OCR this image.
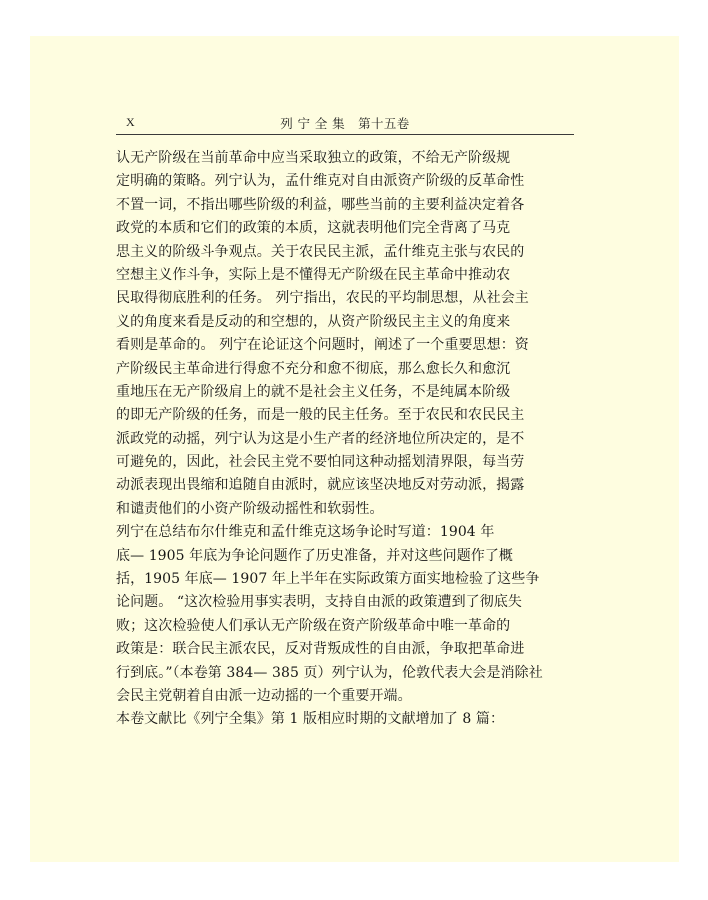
X	列 宁 全 集   第十五卷
认无产阶级在当前革命中应当采取独立的政策，不给无产阶级规
定明确的策略。列宁认为，孟什维克对自由派资产阶级的反革命性
不置一词，不指出哪些阶级的利益，哪些当前的主要利益决定着各
政党的本质和它们的政策的本质，这就表明他们完全背离了马克
思主义的阶级斗争观点。关于农民民主派，孟什维克主张与农民的
空想主义作斗争，实际上是不懂得无产阶级在民主革命中推动农
民取得彻底胜利的任务。 列宁指出，农民的平均制思想，从社会主
义的角度来看是反动的和空想的，从资产阶级民主主义的角度来
看则是革命的。 列宁在论证这个问题时，阐述了一个重要思想：资
产阶级民主革命进行得愈不充分和愈不彻底，那么愈长久和愈沉
重地压在无产阶级肩上的就不是社会主义任务，不是纯属本阶级
的即无产阶级的任务，而是一般的民主任务。至于农民和农民民主
派政党的动摇，列宁认为这是小生产者的经济地位所决定的，是不
可避免的，因此，社会民主党不要怕同这种动摇划清界限，每当劳
动派表现出畏缩和追随自由派时，就应该坚决地反对劳动派，揭露
和谴责他们的小资产阶级动摇性和软弱性。
列宁在总结布尔什维克和孟什维克这场争论时写道：1904 年
底— 1905 年底为争论问题作了历史准备，并对这些问题作了概
括，1905 年底— 1907 年上半年在实际政策方面实地检验了这些争
论问题。 “这次检验用事实表明，支持自由派的政策遭到了彻底失
败；这次检验使人们承认无产阶级在资产阶级革命中唯一革命的
政策是：联合民主派农民，反对背叛成性的自由派，争取把革命进
行到底。”（本卷第 384— 385 页）列宁认为，伦敦代表大会是消除社
会民主党朝着自由派一边动摇的一个重要开端。
本卷文献比《列宁全集》第 1 版相应时期的文献增加了 8 篇：
